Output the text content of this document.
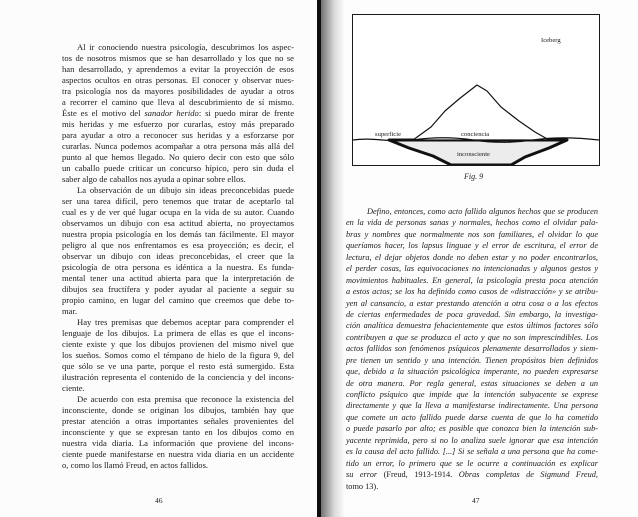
Al ir conociendo nuestra psicología, descubrimos los aspec-
tos de nosotros mismos que se han desarrollado y los que no se
han desarrollado, y aprendemos a evitar la proyección de esos
aspectos ocultos en otras personas. El conocer y observar nues-
tra psicología nos da mayores posibilidades de ayudar a otros
a recorrer el camino que lleva al descubrimiento de sí mismo.
Éste es el motivo del sanador herido: si puedo mirar de frente
mis heridas y me esfuerzo por curarlas, estoy más preparado
para ayudar a otro a reconocer sus heridas y a esforzarse por
curarlas. Nunca podemos acompañar a otra persona más allá del
punto al que hemos llegado. No quiero decir con esto que sólo
un caballo puede criticar un concurso hípico, pero sin duda el
saber algo de caballos nos ayuda a opinar sobre ellos.
La observación de un dibujo sin ideas preconcebidas puede
ser una tarea difícil, pero tenemos que tratar de aceptarlo tal
cual es y de ver qué lugar ocupa en la vida de su autor. Cuando
observamos un dibujo con esa actitud abierta, no proyectamos
nuestra propia psicología en los demás tan fácilmente. El mayor
peligro al que nos enfrentamos es esa proyección; es decir, el
observar un dibujo con ideas preconcebidas, el creer que la
psicología de otra persona es idéntica a la nuestra. Es funda-
mental tener una actitud abierta para que la interpretación de
dibujos sea fructífera y poder ayudar al paciente a seguir su
propio camino, en lugar del camino que creemos que debe to-
mar.
Hay tres premisas que debemos aceptar para comprender el
lenguaje de los dibujos. La primera de ellas es que el incons-
ciente existe y que los dibujos provienen del mismo nivel que
los sueños. Somos como el témpano de hielo de la figura 9, del
que sólo se ve una parte, porque el resto está sumergido. Esta
ilustración representa el contenido de la conciencia y del incons-
ciente.
De acuerdo con esta premisa que reconoce la existencia del
inconsciente, donde se originan los dibujos, también hay que
prestar atención a otras importantes señales provenientes del
inconsciente y que se expresan tanto en los dibujos como en
nuestra vida diaria. La información que proviene del incons-
ciente puede manifestarse en nuestra vida diaria en un accidente
o, como los llamó Freud, en actos fallidos.
46
Iceberg
superficie	conciencia
inconsciente
Fig. 9
Defino, entonces, como acto fallido algunos hechos que se producen
en la vida de personas sanas y normales, hechos como el olvidar pala-
bras y nombres que normalmente nos son familiares, el olvidar lo que
queríamos hacer, los lapsus linguae y el error de escritura, el error de
lectura, el dejar objetos donde no deben estar y no poder encontrarlos,
el perder cosas, las equivocaciones no intencionadas y algunos gestos y
movimientos habituales. En general, la psicología presta poca atención
a estos actos; se los ha definido como casos de «distracción» y se atribu-
yen al cansancio, a estar prestando atención a otra cosa o a los efectos
de ciertas enfermedades de poca gravedad. Sin embargo, la investiga-
ción analítica demuestra fehacientemente que estos últimos factores sólo
contribuyen a que se produzca el acto y que no son imprescindibles. Los
actos fallidos son fenómenos psíquicos plenamente desarrollados y siem-
pre tienen un sentido y una intención. Tienen propósitos bien definidos
que, debido a la situación psicológica imperante, no pueden expresarse
de otra manera. Por regla general, estas situaciones se deben a un
conflicto psíquico que impide que la intención subyacente se exprese
directamente y que la lleva a manifestarse indirectamente. Una persona
que comete un acto fallido puede darse cuenta de que lo ha cometido
o puede pasarlo por alto; es posible que conozca bien la intención sub-
yacente reprimida, pero si no lo analiza suele ignorar que esa intención
es la causa del acto fallido. [...] Si se señala a una persona que ha come-
tido un error, lo primero que se le ocurre a continuación es explicar
su error (Freud, 1913-1914. Obras completas de Sigmund Freud,
tomo 13).
47
